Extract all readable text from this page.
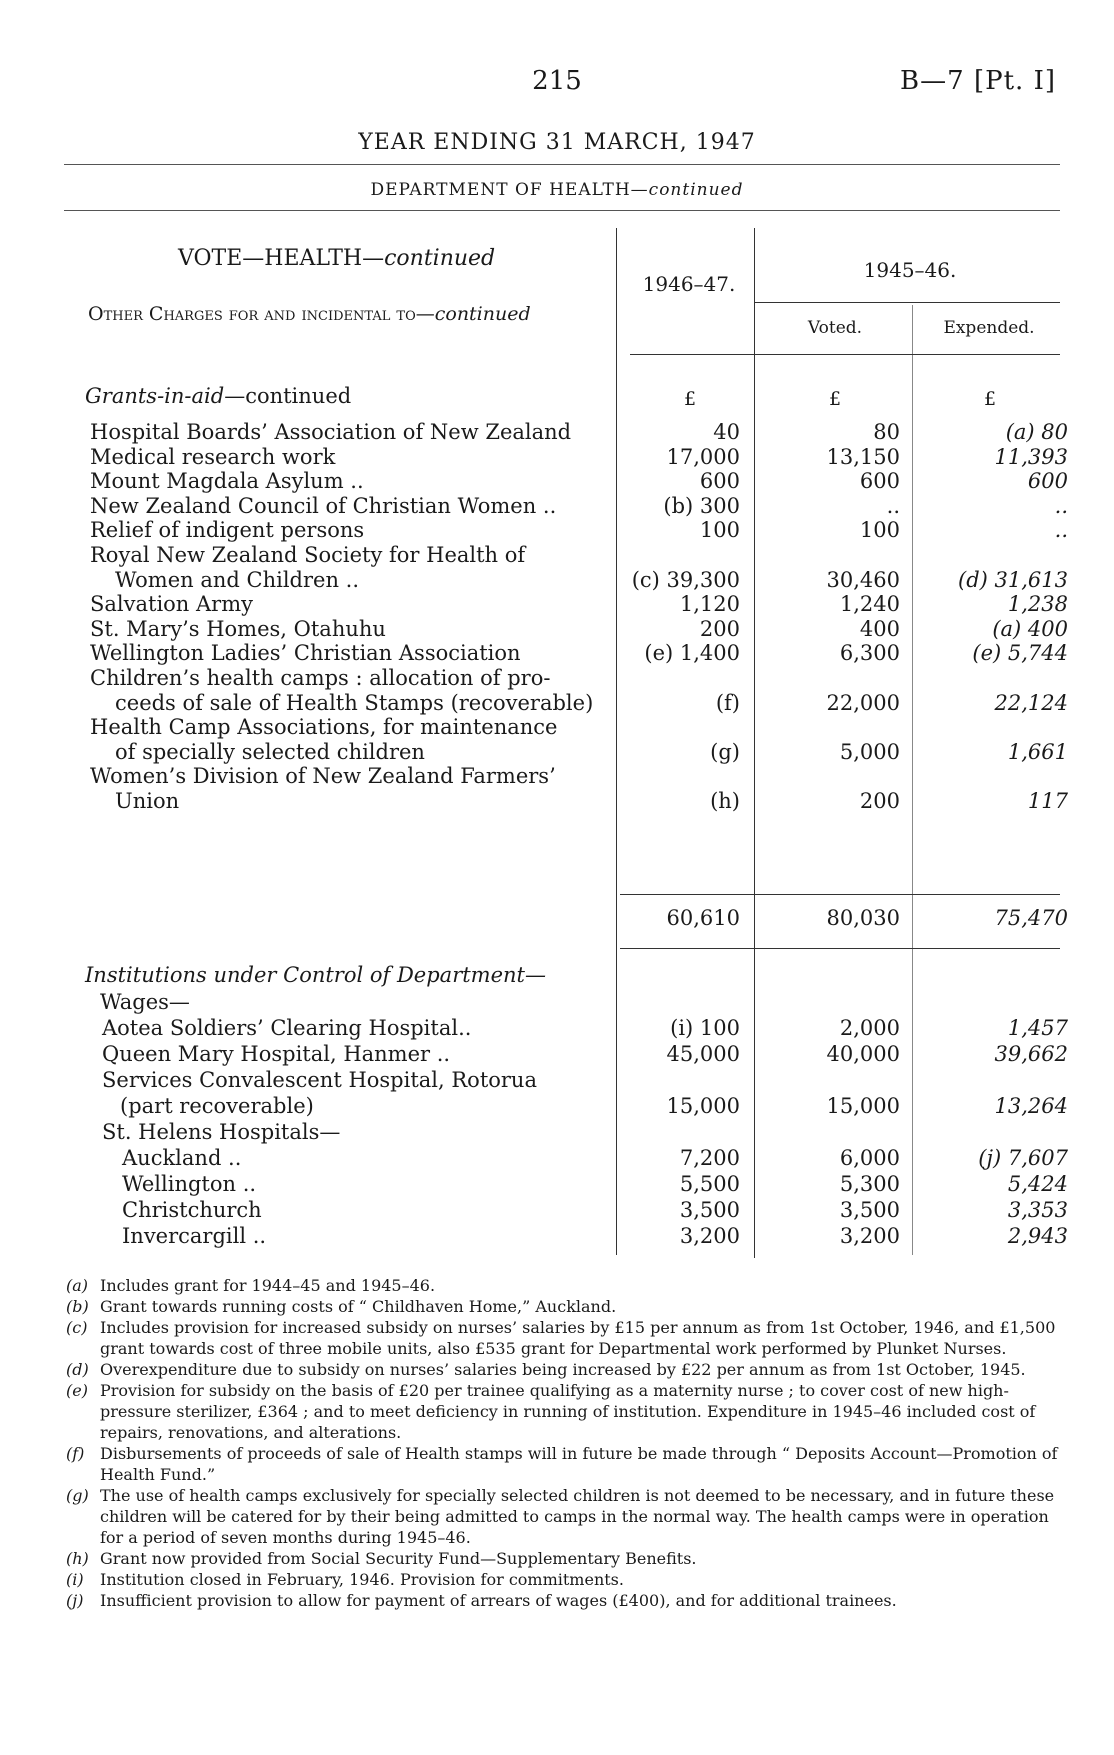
215	B—7 [Pt. I]
YEAR ENDING 31 MARCH, 1947
DEPARTMENT OF HEALTH—continued
VOTE—HEALTH—continued
Other Charges for and incidental to—continued
1946–47.
1945–46.
Voted.	Expended.
£	£	£
Grants-in-aid—continued
Hospital Boards’ Association of New Zealand	40	80	(a) 80
Medical research work	17,000	13,150	11,393
Mount Magdala Asylum ..	600	600	600
New Zealand Council of Christian Women ..	(b) 300	..	..
Relief of indigent persons	100	100	..
Royal New Zealand Society for Health of
Women and Children ..	(c) 39,300	30,460	(d) 31,613
Salvation Army	1,120	1,240	1,238
St. Mary’s Homes, Otahuhu	200	400	(a) 400
Wellington Ladies’ Christian Association	(e) 1,400	6,300	(e) 5,744
Children’s health camps : allocation of pro-
ceeds of sale of Health Stamps (recoverable)	(f)	22,000	22,124
Health Camp Associations, for maintenance
of specially selected children	(g)	5,000	1,661
Women’s Division of New Zealand Farmers’
Union	(h)	200	117
60,610	80,030	75,470
Institutions under Control of Department—
Wages—
Aotea Soldiers’ Clearing Hospital..	(i) 100	2,000	1,457
Queen Mary Hospital, Hanmer ..	45,000	40,000	39,662
Services Convalescent Hospital, Rotorua
(part recoverable)	15,000	15,000	13,264
St. Helens Hospitals—
Auckland ..	7,200	6,000	(j) 7,607
Wellington ..	5,500	5,300	5,424
Christchurch	3,500	3,500	3,353
Invercargill ..	3,200	3,200	2,943
(a) Includes grant for 1944–45 and 1945–46.
(b) Grant towards running costs of “ Childhaven Home,” Auckland.
(c) Includes provision for increased subsidy on nurses’ salaries by £15 per annum as from 1st October, 1946, and £1,500 grant towards cost of three mobile units, also £535 grant for Departmental work performed by Plunket Nurses.
(d) Overexpenditure due to subsidy on nurses’ salaries being increased by £22 per annum as from 1st October, 1945.
(e) Provision for subsidy on the basis of £20 per trainee qualifying as a maternity nurse ; to cover cost of new high-pressure sterilizer, £364 ; and to meet deficiency in running of institution. Expenditure in 1945–46 included cost of repairs, renovations, and alterations.
(f) Disbursements of proceeds of sale of Health stamps will in future be made through “ Deposits Account—Promotion of Health Fund.”
(g) The use of health camps exclusively for specially selected children is not deemed to be necessary, and in future these children will be catered for by their being admitted to camps in the normal way. The health camps were in operation for a period of seven months during 1945–46.
(h) Grant now provided from Social Security Fund—Supplementary Benefits.
(i) Institution closed in February, 1946. Provision for commitments.
(j) Insufficient provision to allow for payment of arrears of wages (£400), and for additional trainees.
